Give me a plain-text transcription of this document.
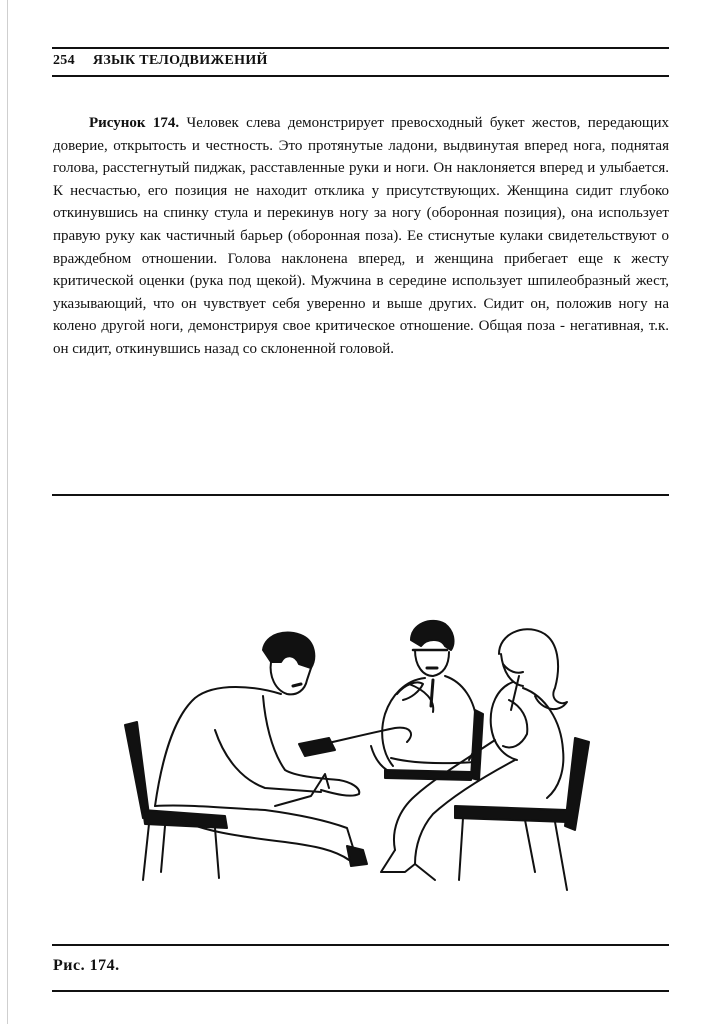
254 ЯЗЫК ТЕЛОДВИЖЕНИЙ

Рисунок 174. Человек слева демонстрирует превосходный букет жестов, передающих доверие, открытость и честность. Это протянутые ладони, выдвинутая вперед нога, поднятая голова, расстегнутый пиджак, расставленные руки и ноги. Он наклоняется вперед и улыбается. К несчастью, его позиция не находит отклика у присутствующих. Женщина сидит глубоко откинувшись на спинку стула и перекинув ногу за ногу (оборонная позиция), она использует правую руку как частичный барьер (оборонная поза). Ее стиснутые кулаки свидетельствуют о враждебном отношении. Голова наклонена вперед, и женщина прибегает еще к жесту критической оценки (рука под щекой). Мужчина в середине использует шпилеобразный жест, указывающий, что он чувствует себя уверенно и выше других. Сидит он, положив ногу на колено другой ноги, демонстрируя свое критическое отношение. Общая поза - негативная, т.к. он сидит, откинувшись назад со склоненной головой.

Рис. 174.
